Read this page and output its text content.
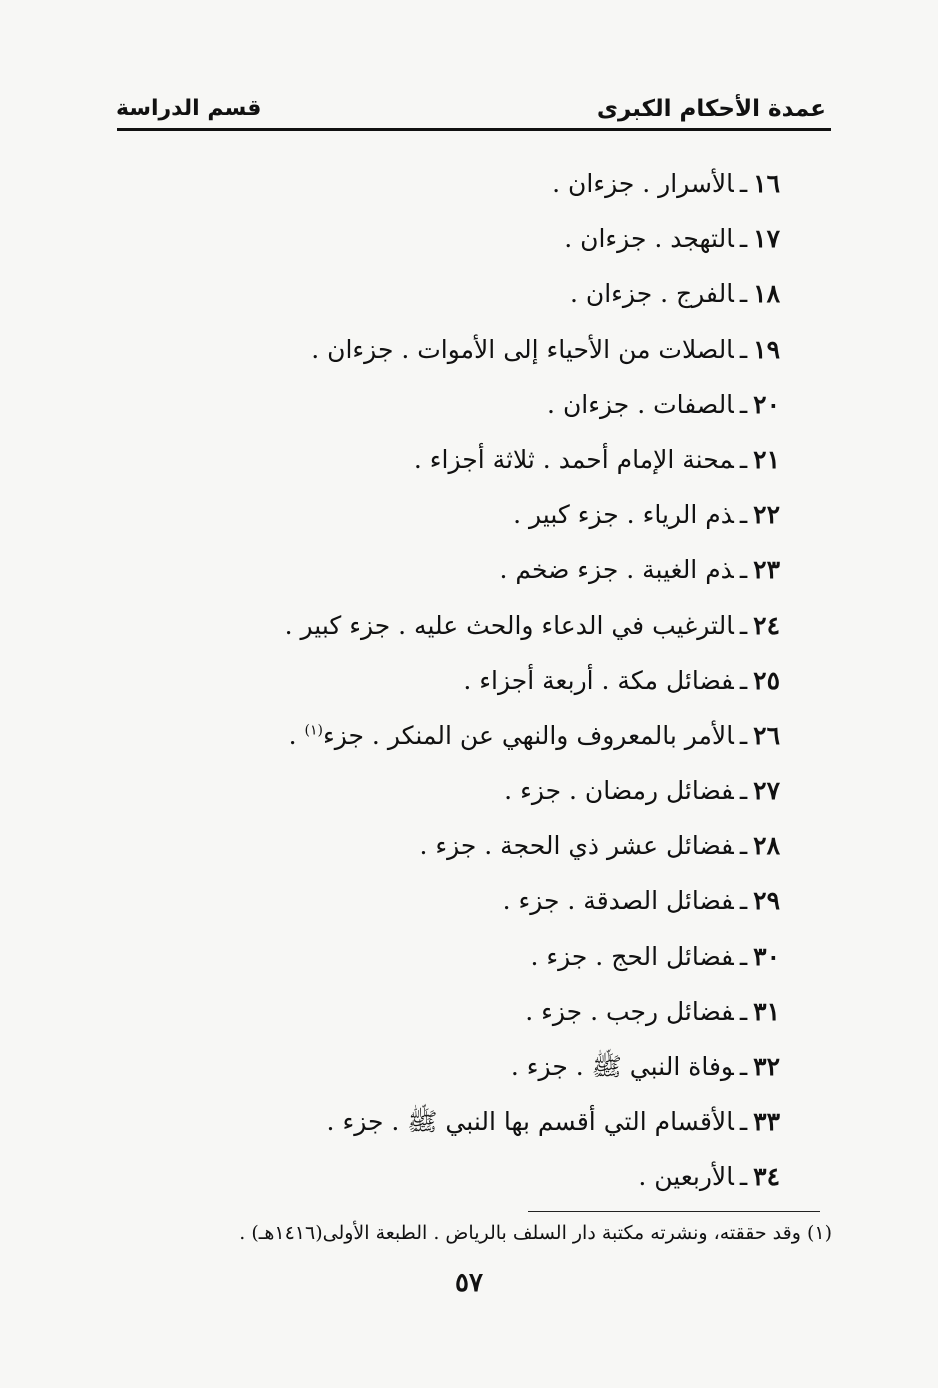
عمدة الأحكام الكبرى
قسم الدراسة
١٦ـالأسرار . جزءان .
١٧ـالتهجد . جزءان .
١٨ـالفرج . جزءان .
١٩ـالصلات من الأحياء إلى الأموات . جزءان .
٢٠ـالصفات . جزءان .
٢١ـمحنة الإمام أحمد . ثلاثة أجزاء .
٢٢ـذم الرياء . جزء كبير .
٢٣ـذم الغيبة . جزء ضخم .
٢٤ـالترغيب في الدعاء والحث عليه . جزء كبير .
٢٥ـفضائل مكة . أربعة أجزاء .
٢٦ـالأمر بالمعروف والنهي عن المنكر . جزء$^{(١)}$ .
٢٧ـفضائل رمضان . جزء .
٢٨ـفضائل عشر ذي الحجة . جزء .
٢٩ـفضائل الصدقة . جزء .
٣٠ـفضائل الحج . جزء .
٣١ـفضائل رجب . جزء .
٣٢ـوفاة النبي ﷺ . جزء .
٣٣ـالأقسام التي أقسم بها النبي ﷺ . جزء .
٣٤ـالأربعين .
(١) وقد حققته، ونشرته مكتبة دار السلف بالرياض . الطبعة الأولى(١٤١٦هـ) .
٥٧
